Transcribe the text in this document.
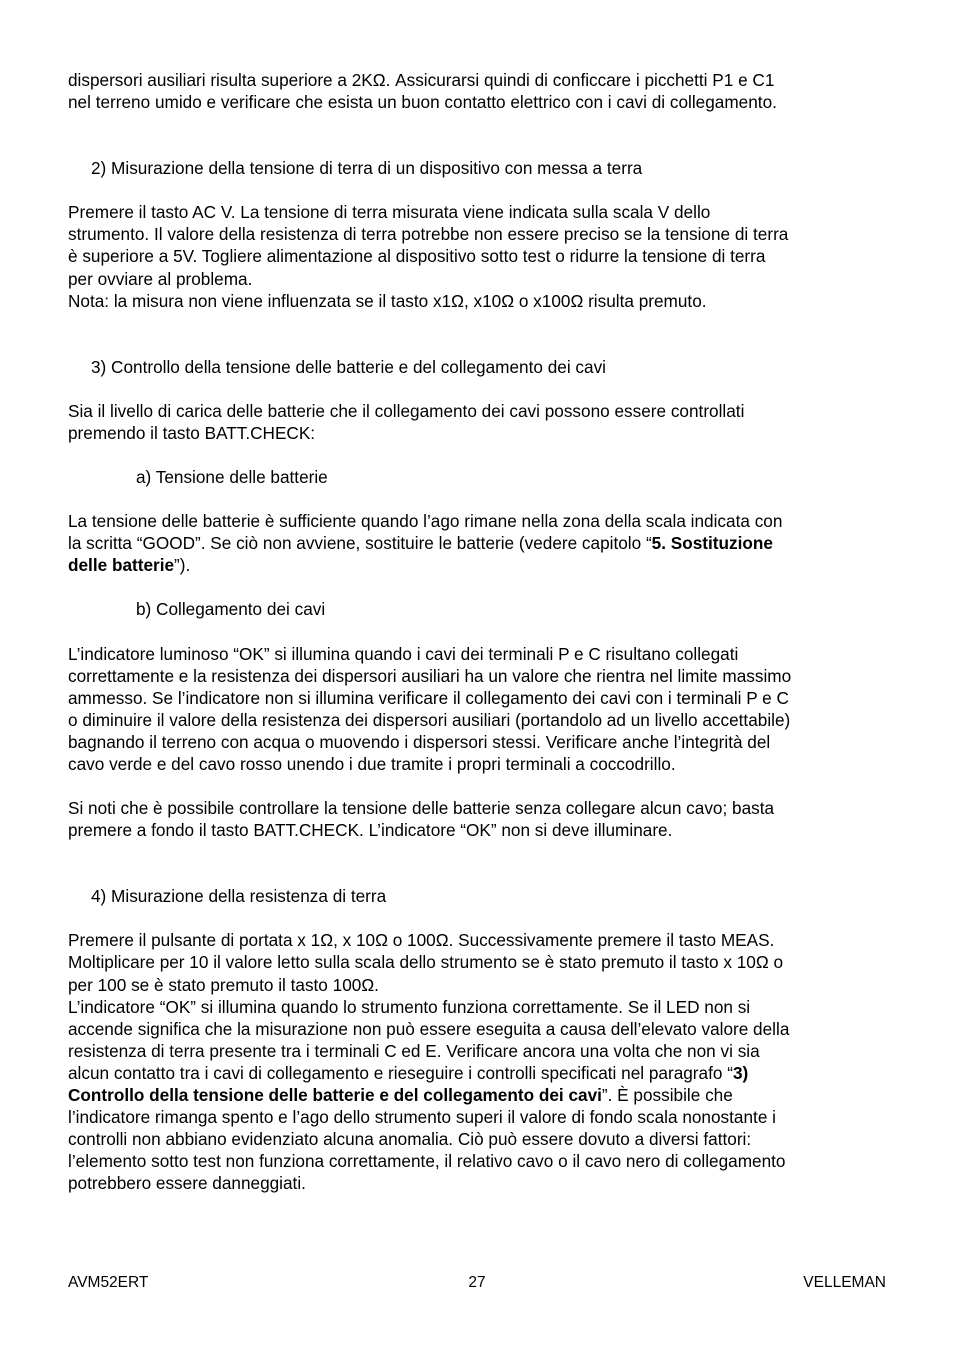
dispersori ausiliari risulta superiore a 2KΩ. Assicurarsi quindi di conficcare i picchetti P1 e C1

nel terreno umido e verificare che esista un buon contatto elettrico con i cavi di collegamento.

2) Misurazione della tensione di terra di un dispositivo con messa a terra

Premere il tasto AC V. La tensione di terra misurata viene indicata sulla scala V dello

strumento. Il valore della resistenza di terra potrebbe non essere preciso se la tensione di terra

è superiore a 5V. Togliere alimentazione al dispositivo sotto test o ridurre la tensione di terra

per ovviare al problema.

Nota: la misura non viene influenzata se il tasto x1Ω, x10Ω o x100Ω risulta premuto.

3) Controllo della tensione delle batterie e del collegamento dei cavi

Sia il livello di carica delle batterie che il collegamento dei cavi possono essere controllati

premendo il tasto BATT.CHECK:

a) Tensione delle batterie

La tensione delle batterie è sufficiente quando l’ago rimane nella zona della scala indicata con

la scritta “GOOD”. Se ciò non avviene, sostituire le batterie (vedere capitolo “5. Sostituzione

delle batterie”).

b) Collegamento dei cavi

L’indicatore luminoso “OK” si illumina quando i cavi dei terminali P e C risultano collegati

correttamente e la resistenza dei dispersori ausiliari ha un valore che rientra nel limite massimo

ammesso. Se l’indicatore non si illumina verificare il collegamento dei cavi con i terminali P e C

o diminuire il valore della resistenza dei dispersori ausiliari (portandolo ad un livello accettabile)

bagnando il terreno con acqua o muovendo i dispersori stessi. Verificare anche l’integrità del

cavo verde e del cavo rosso unendo i due tramite i propri terminali a coccodrillo.

Si noti che è possibile controllare la tensione delle batterie senza collegare alcun cavo; basta

premere a fondo il tasto BATT.CHECK. L’indicatore “OK” non si deve illuminare.

4) Misurazione della resistenza di terra

Premere il pulsante di portata x 1Ω, x 10Ω o 100Ω. Successivamente premere il tasto MEAS.

Moltiplicare per 10 il valore letto sulla scala dello strumento se è stato premuto il tasto x 10Ω o

per 100 se è stato premuto il tasto 100Ω.

L’indicatore “OK” si illumina quando lo strumento funziona correttamente. Se il LED non si

accende significa che la misurazione non può essere eseguita a causa dell’elevato valore della

resistenza di terra presente tra i terminali C ed E. Verificare ancora una volta che non vi sia

alcun contatto tra i cavi di collegamento e rieseguire i controlli specificati nel paragrafo “3)

Controllo della tensione delle batterie e del collegamento dei cavi”. È possibile che

l’indicatore rimanga spento e l’ago dello strumento superi il valore di fondo scala nonostante i

controlli non abbiano evidenziato alcuna anomalia. Ciò può essere dovuto a diversi fattori:

l’elemento sotto test non funziona correttamente, il relativo cavo o il cavo nero di collegamento

potrebbero essere danneggiati.

AVM52ERT	27	VELLEMAN
